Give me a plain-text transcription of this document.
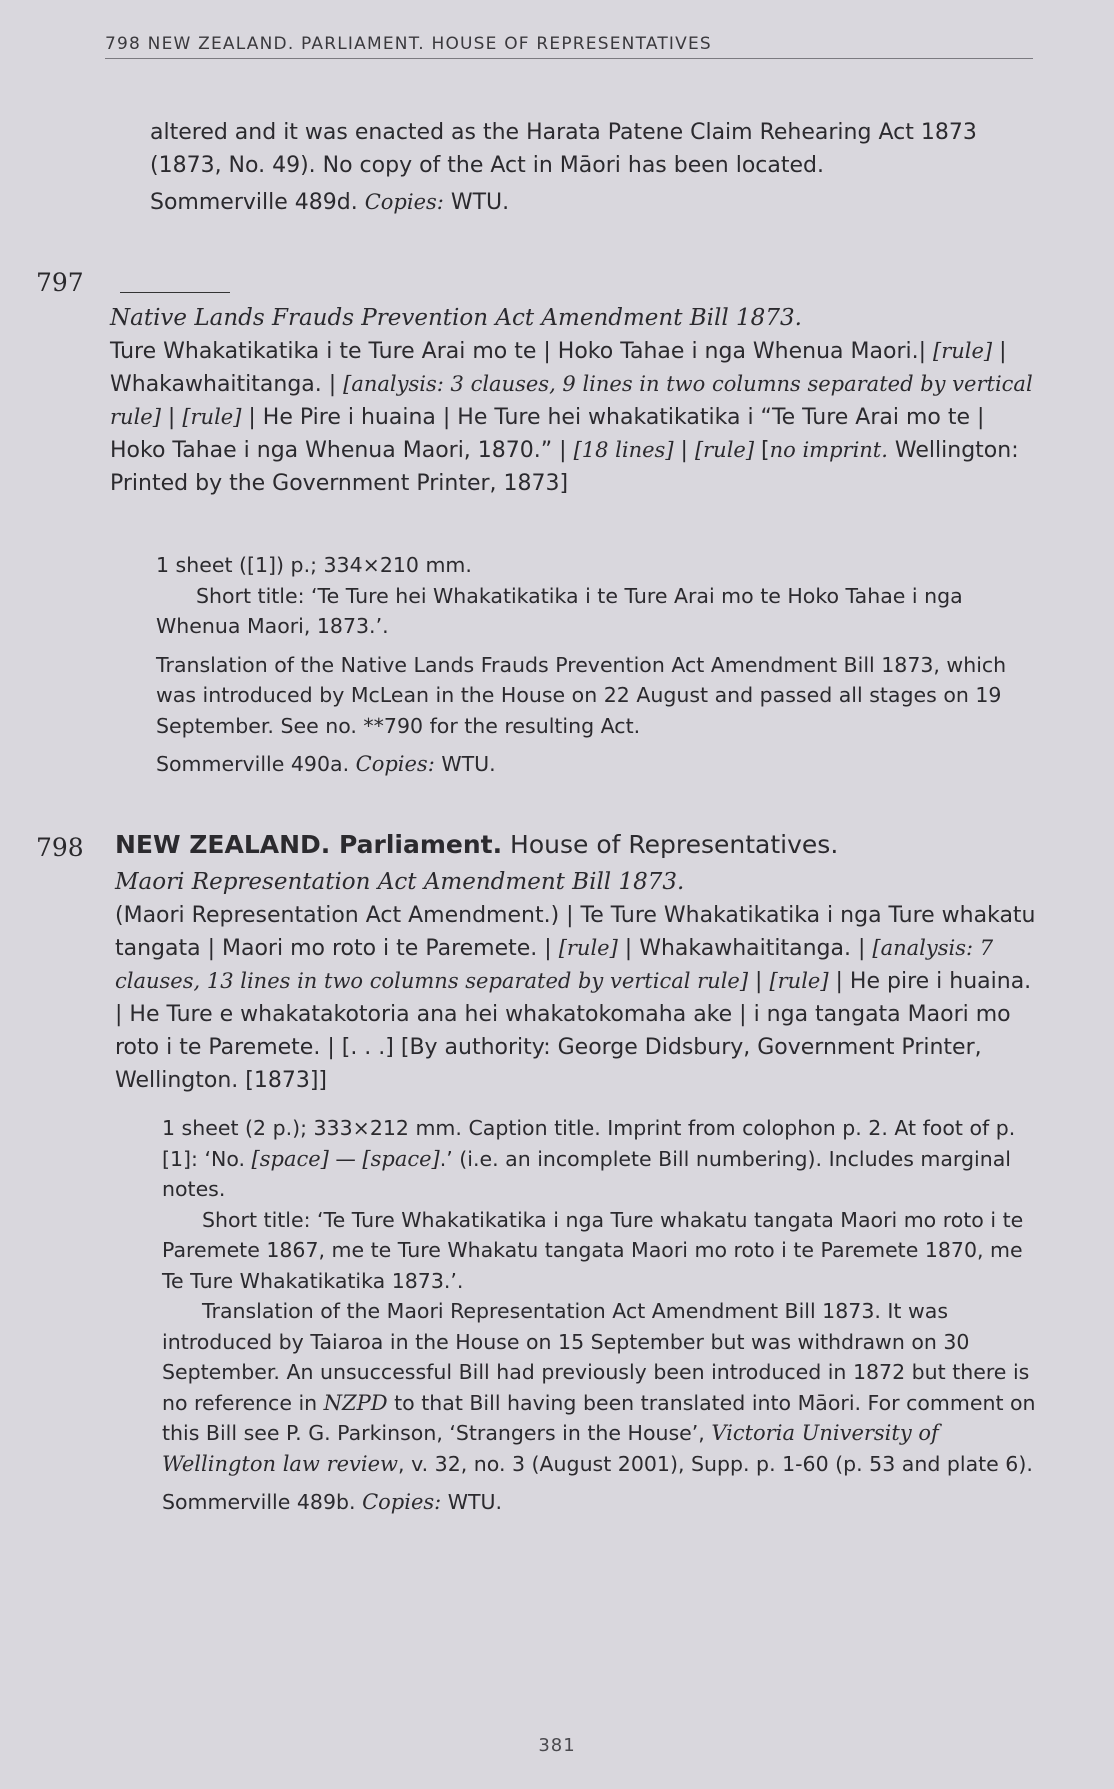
798 NEW ZEALAND. PARLIAMENT. HOUSE OF REPRESENTATIVES

altered and it was enacted as the Harata Patene Claim Rehearing Act 1873

(1873, No. 49). No copy of the Act in Māori has been located.

Sommerville 489d. Copies: WTU.

797

Native Lands Frauds Prevention Act Amendment Bill 1873.

Ture Whakatikatika i te Ture Arai mo te | Hoko Tahae i nga Whenua Maori.| [rule] | Whakawhaititanga. | [analysis: 3 clauses, 9 lines in two columns separated by vertical rule] | [rule] | He Pire i huaina | He Ture hei whakatikatika i “Te Ture Arai mo te | Hoko Tahae i nga Whenua Maori, 1870.” | [18 lines] | [rule] [no imprint. Wellington: Printed by the Government Printer, 1873]

1 sheet ([1]) p.; 334×210 mm.

Short title: ‘Te Ture hei Whakatikatika i te Ture Arai mo te Hoko Tahae i nga Whenua Maori, 1873.’.

Translation of the Native Lands Frauds Prevention Act Amendment Bill 1873, which was introduced by McLean in the House on 22 August and passed all stages on 19 September. See no. **790 for the resulting Act.

Sommerville 490a. Copies: WTU.

798 NEW ZEALAND. Parliament. House of Representatives.

Maori Representation Act Amendment Bill 1873.

(Maori Representation Act Amendment.) | Te Ture Whakatikatika i nga Ture whakatu tangata | Maori mo roto i te Paremete. | [rule] | Whakawhaititanga. | [analysis: 7 clauses, 13 lines in two columns separated by vertical rule] | [rule] | He pire i huaina. | He Ture e whakatakotoria ana hei whakatokomaha ake | i nga tangata Maori mo roto i te Paremete. | [. . .] [By authority: George Didsbury, Government Printer, Wellington. [1873]]

1 sheet (2 p.); 333×212 mm. Caption title. Imprint from colophon p. 2. At foot of p. [1]: ‘No. [space] — [space].’ (i.e. an incomplete Bill numbering). Includes marginal notes.

Short title: ‘Te Ture Whakatikatika i nga Ture whakatu tangata Maori mo roto i te Paremete 1867, me te Ture Whakatu tangata Maori mo roto i te Paremete 1870, me Te Ture Whakatikatika 1873.’.

Translation of the Maori Representation Act Amendment Bill 1873. It was introduced by Taiaroa in the House on 15 September but was withdrawn on 30 September. An unsuccessful Bill had previously been introduced in 1872 but there is no reference in NZPD to that Bill having been translated into Māori. For comment on this Bill see P. G. Parkinson, ‘Strangers in the House’, Victoria University of Wellington law review, v. 32, no. 3 (August 2001), Supp. p. 1-60 (p. 53 and plate 6).

Sommerville 489b. Copies: WTU.

381
